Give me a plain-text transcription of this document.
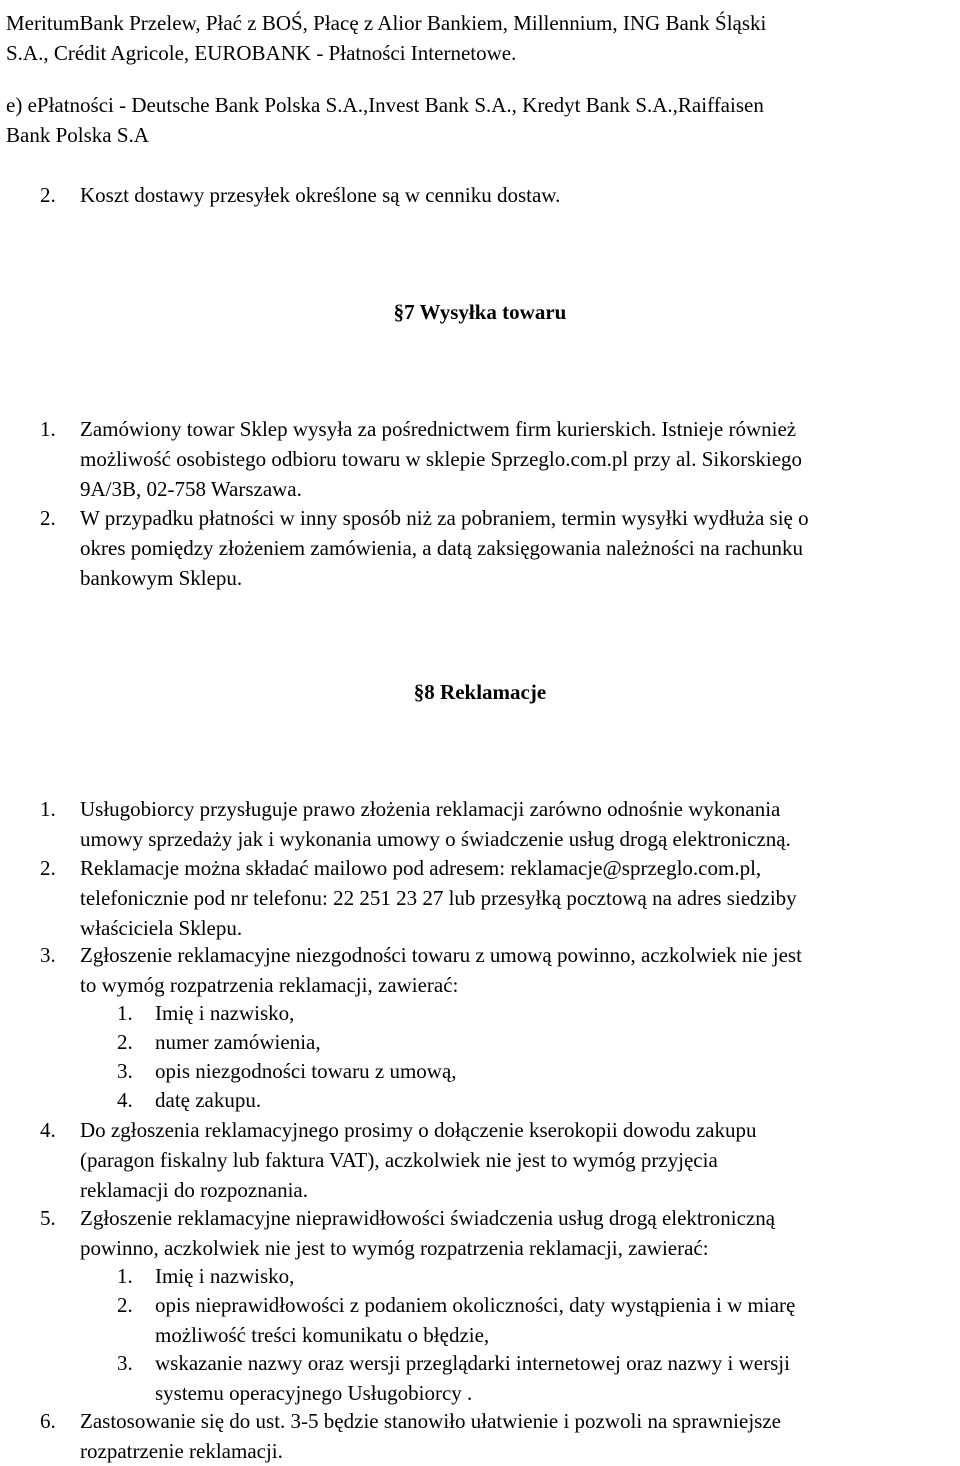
MeritumBank Przelew, Płać z BOŚ, Płacę z Alior Bankiem, Millennium, ING Bank Śląski
S.A., Crédit Agricole, EUROBANK - Płatności Internetowe.
e) ePłatności - Deutsche Bank Polska S.A.,Invest Bank S.A., Kredyt Bank S.A.,Raiffaisen
Bank Polska S.A
2. Koszt dostawy przesyłek określone są w cenniku dostaw.
§7 Wysyłka towaru
1. Zamówiony towar Sklep wysyła za pośrednictwem firm kurierskich. Istnieje również
możliwość osobistego odbioru towaru w sklepie Sprzeglo.com.pl przy al. Sikorskiego
9A/3B, 02-758 Warszawa.
2. W przypadku płatności w inny sposób niż za pobraniem, termin wysyłki wydłuża się o
okres pomiędzy złożeniem zamówienia, a datą zaksięgowania należności na rachunku
bankowym Sklepu.
§8 Reklamacje
1. Usługobiorcy przysługuje prawo złożenia reklamacji zarówno odnośnie wykonania
umowy sprzedaży jak i wykonania umowy o świadczenie usług drogą elektroniczną.
2. Reklamacje można składać mailowo pod adresem: reklamacje@sprzeglo.com.pl,
telefonicznie pod nr telefonu: 22 251 23 27 lub przesyłką pocztową na adres siedziby
właściciela Sklepu.
3. Zgłoszenie reklamacyjne niezgodności towaru z umową powinno, aczkolwiek nie jest
to wymóg rozpatrzenia reklamacji, zawierać:
1. Imię i nazwisko,
2. numer zamówienia,
3. opis niezgodności towaru z umową,
4. datę zakupu.
4. Do zgłoszenia reklamacyjnego prosimy o dołączenie kserokopii dowodu zakupu
(paragon fiskalny lub faktura VAT), aczkolwiek nie jest to wymóg przyjęcia
reklamacji do rozpoznania.
5. Zgłoszenie reklamacyjne nieprawidłowości świadczenia usług drogą elektroniczną
powinno, aczkolwiek nie jest to wymóg rozpatrzenia reklamacji, zawierać:
1. Imię i nazwisko,
2. opis nieprawidłowości z podaniem okoliczności, daty wystąpienia i w miarę
możliwość treści komunikatu o błędzie,
3. wskazanie nazwy oraz wersji przeglądarki internetowej oraz nazwy i wersji
systemu operacyjnego Usługobiorcy .
6. Zastosowanie się do ust. 3-5 będzie stanowiło ułatwienie i pozwoli na sprawniejsze
rozpatrzenie reklamacji.
